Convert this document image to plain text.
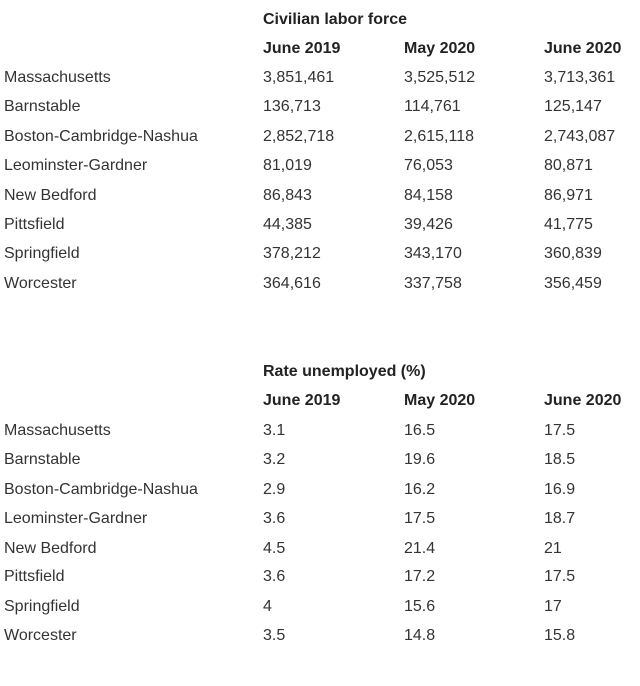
Civilian labor force
June 2019	May 2020	June 2020
Massachusetts	3,851,461	3,525,512	3,713,361
Barnstable	136,713	114,761	125,147
Boston-Cambridge-Nashua	2,852,718	2,615,118	2,743,087
Leominster-Gardner	81,019	76,053	80,871
New Bedford	86,843	84,158	86,971
Pittsfield	44,385	39,426	41,775
Springfield	378,212	343,170	360,839
Worcester	364,616	337,758	356,459
Rate unemployed (%)
June 2019	May 2020	June 2020
Massachusetts	3.1	16.5	17.5
Barnstable	3.2	19.6	18.5
Boston-Cambridge-Nashua	2.9	16.2	16.9
Leominster-Gardner	3.6	17.5	18.7
New Bedford	4.5	21.4	21
Pittsfield	3.6	17.2	17.5
Springfield	4	15.6	17
Worcester	3.5	14.8	15.8
